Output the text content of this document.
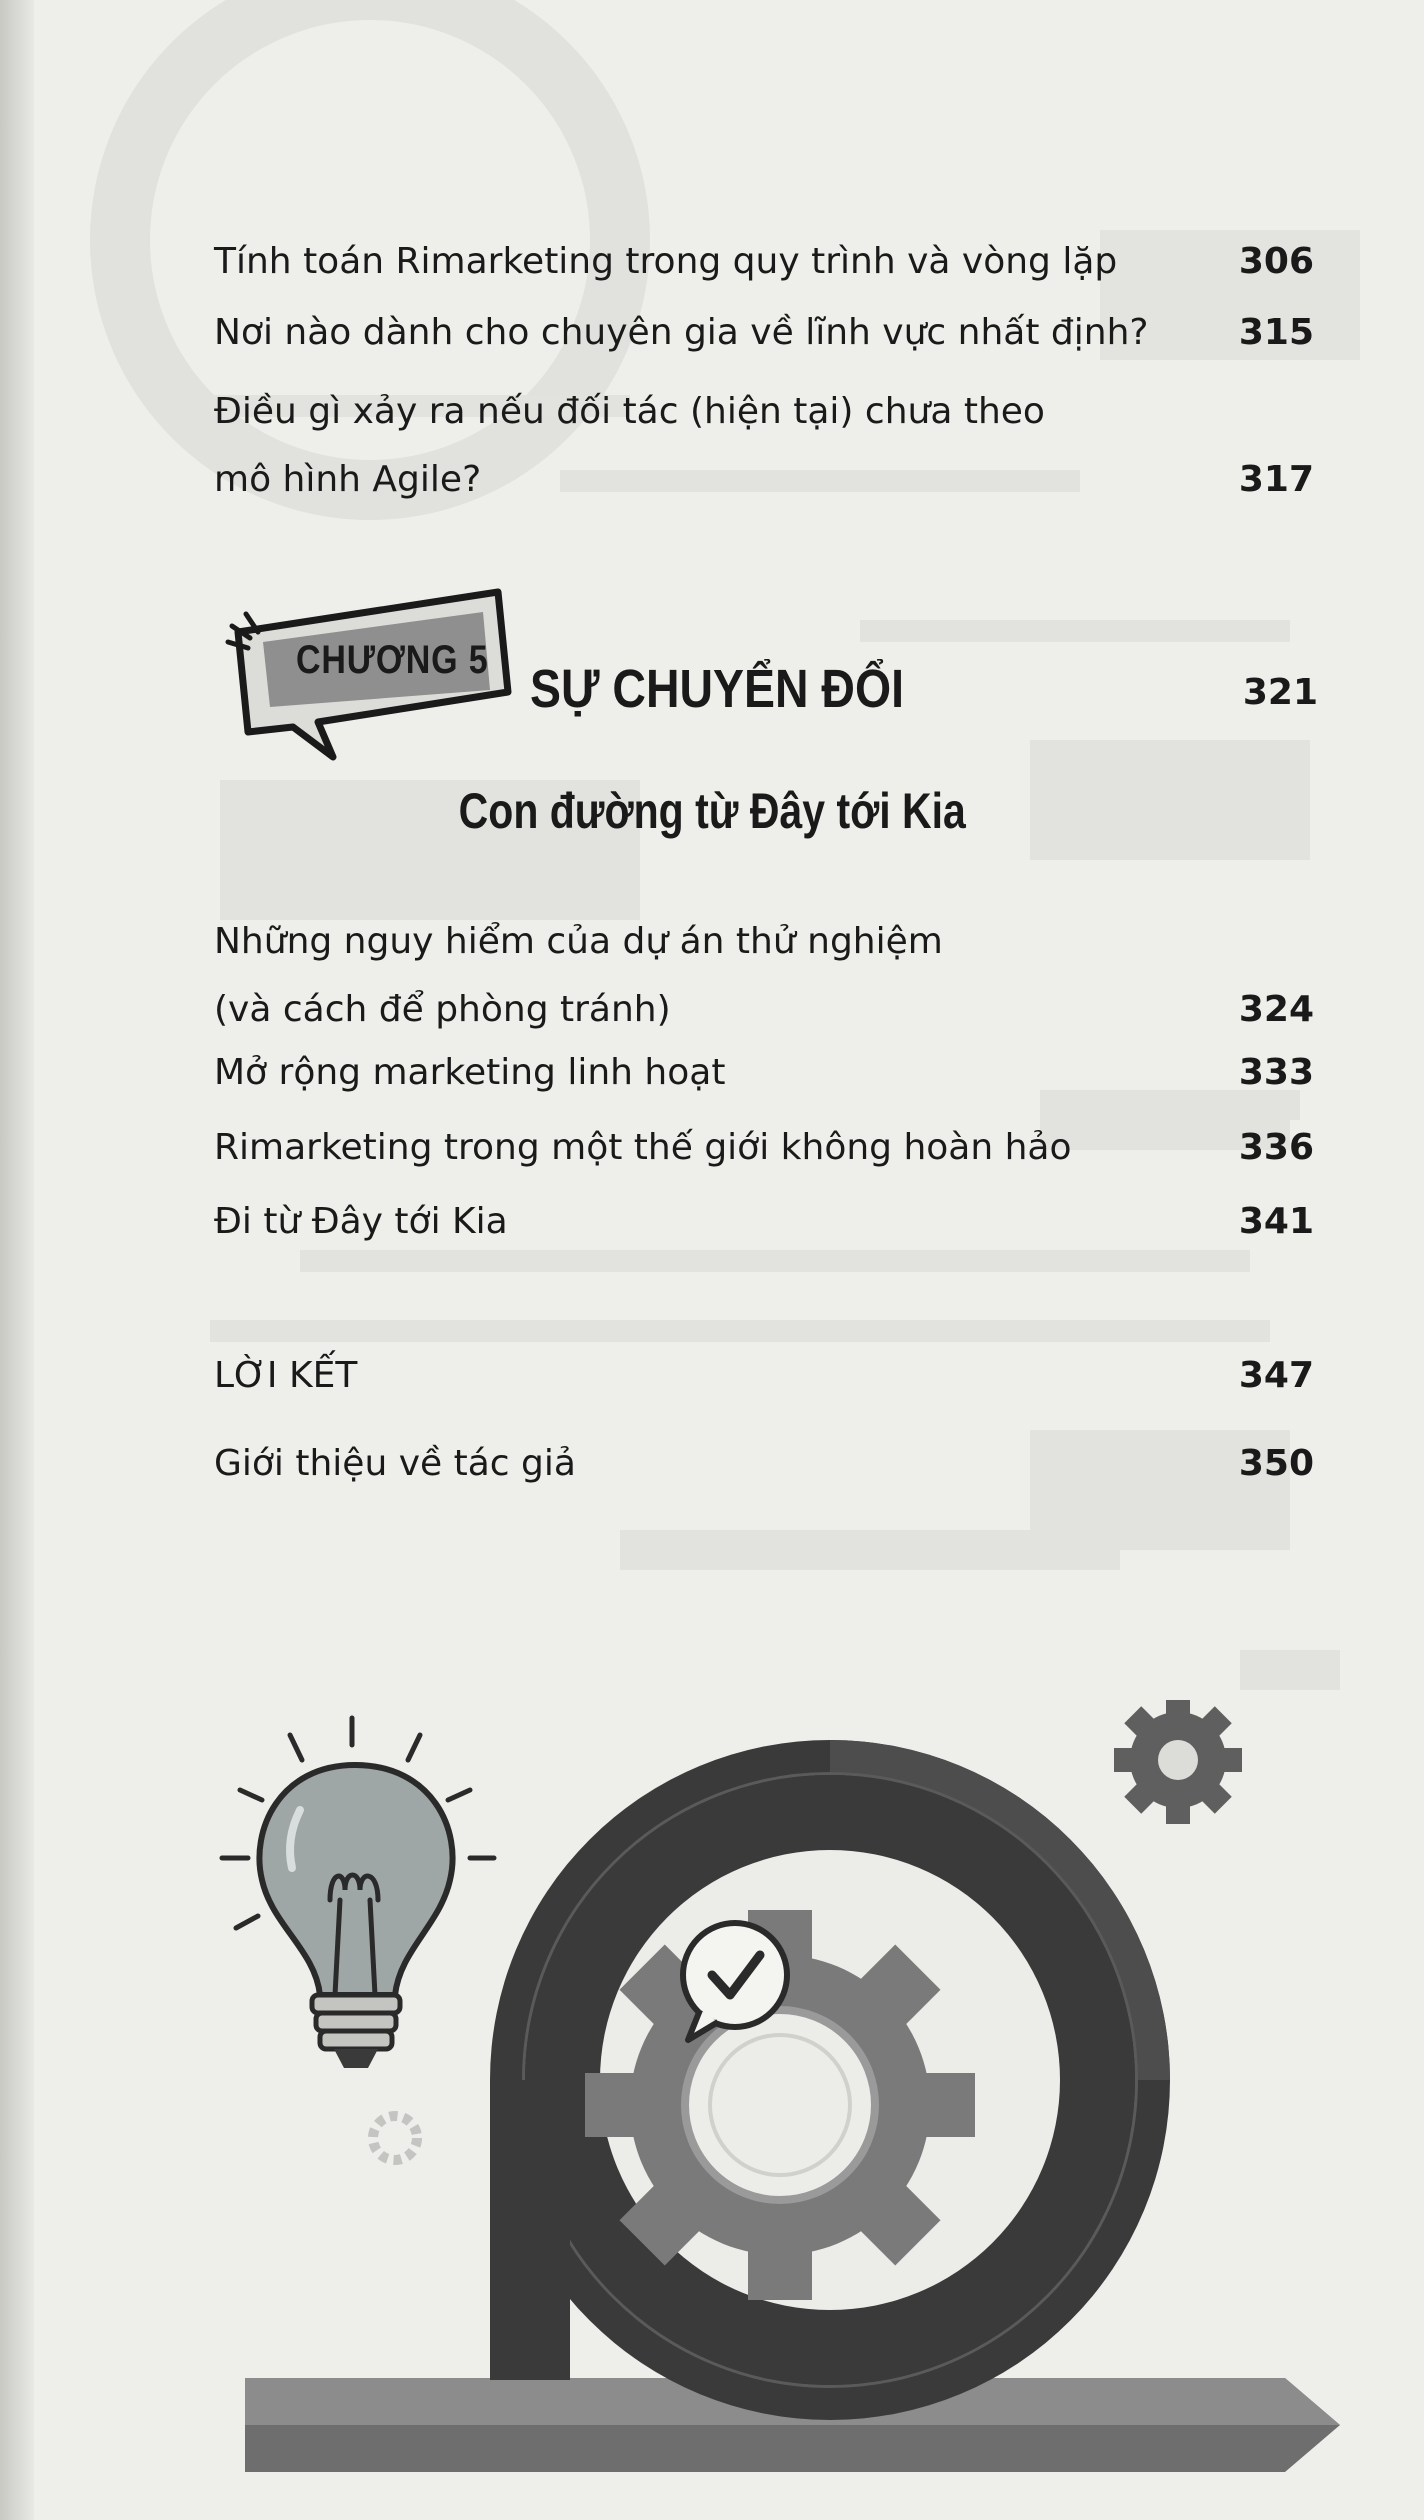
Tính toán Rimarketing trong quy trình và vòng lặp	306
Nơi nào dành cho chuyên gia về lĩnh vực nhất định?	315
Điều gì xảy ra nếu đối tác (hiện tại) chưa theo
mô hình Agile?	317
CHƯƠNG 5 SỰ CHUYỂN ĐỔI	321
Con đường từ Đây tới Kia
Những nguy hiểm của dự án thử nghiệm
(và cách để phòng tránh)	324
Mở rộng marketing linh hoạt	333
Rimarketing trong một thế giới không hoàn hảo	336
Đi từ Đây tới Kia	341
LỜI KẾT	347
Giới thiệu về tác giả	350
